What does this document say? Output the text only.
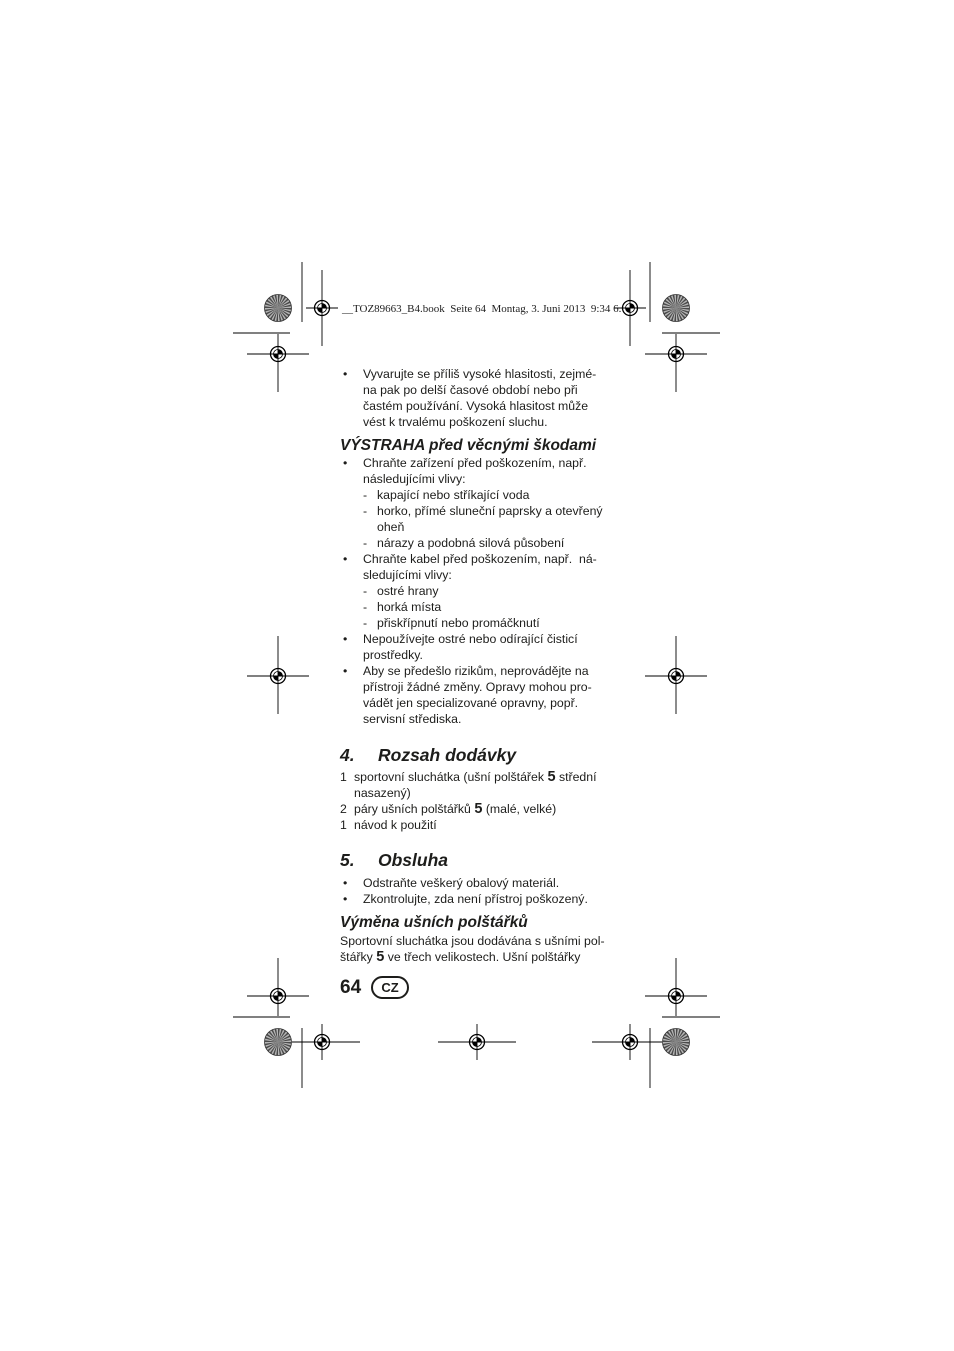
__TOZ89663_B4.book  Seite 64  Montag, 3. Juni 2013  9:34 6.
• Vyvarujte se příliš vysoké hlasitosti, zejmé-
na pak po delší časové období nebo při
častém používání. Vysoká hlasitost může
vést k trvalému poškození sluchu.
VÝSTRAHA před věcnými škodami
• Chraňte zařízení před poškozením, např.
následujícími vlivy:
- kapající nebo stříkající voda
- horko, přímé sluneční paprsky a otevřený
oheň
- nárazy a podobná silová působení
• Chraňte kabel před poškozením, např.  ná-
sledujícími vlivy:
- ostré hrany
- horká místa
- přiskřípnutí nebo promáčknutí
• Nepoužívejte ostré nebo odírající čisticí
prostředky.
• Aby se předešlo rizikům, neprovádějte na
přístroji žádné změny. Opravy mohou pro-
vádět jen specializované opravny, popř.
servisní střediska.
4. Rozsah dodávky
1 sportovní sluchátka (ušní polštářek 5 střední
nasazený)
2 páry ušních polštářků 5 (malé, velké)
1 návod k použití
5. Obsluha
• Odstraňte veškerý obalový materiál.
• Zkontrolujte, zda není přístroj poškozený.
Výměna ušních polštářků
Sportovní sluchátka jsou dodávána s ušními pol-
štářky 5 ve třech velikostech. Ušní polštářky
64	CZ
